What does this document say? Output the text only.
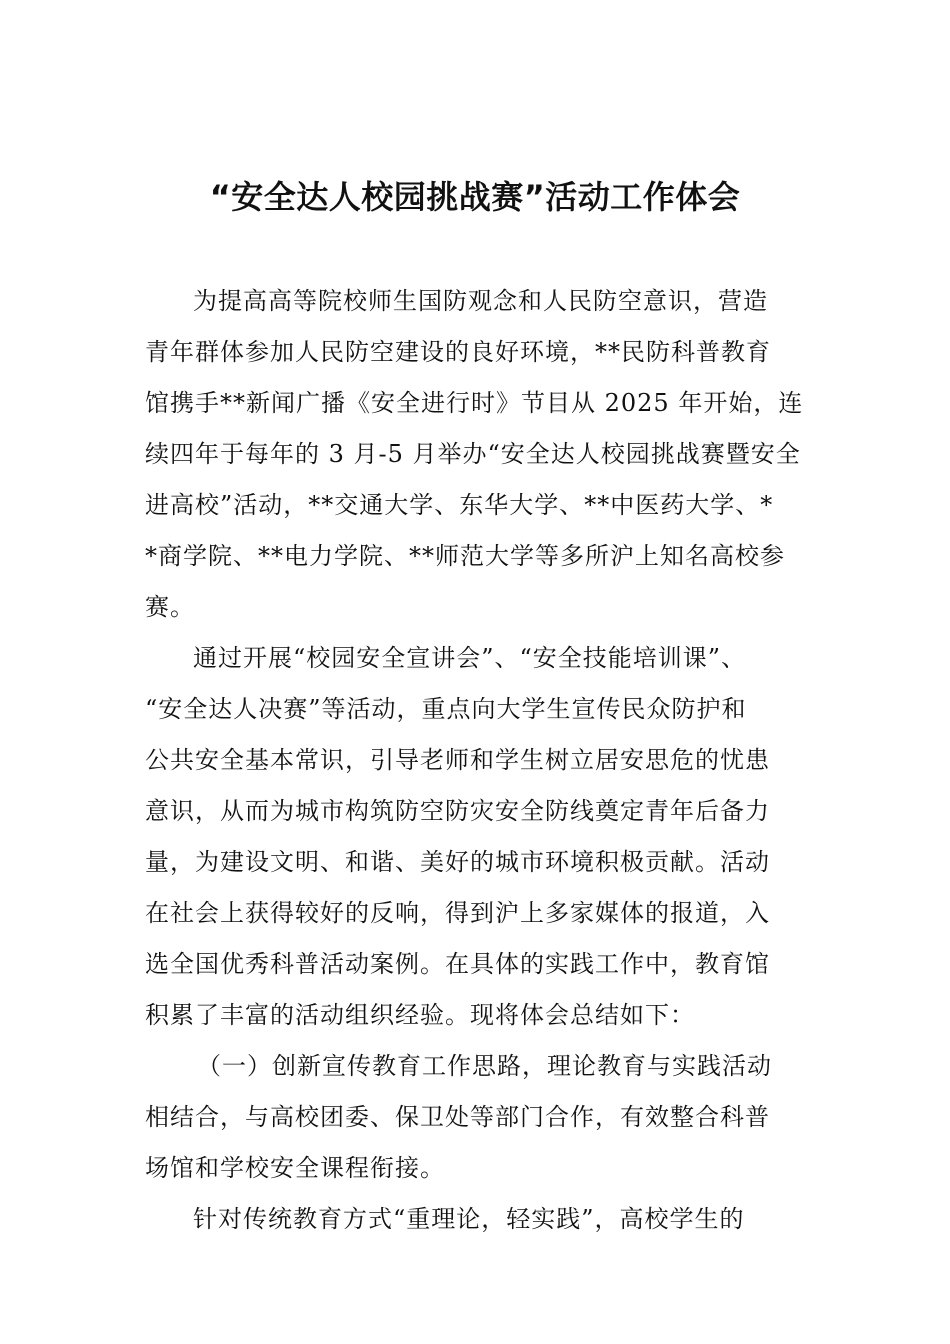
“安全达人校园挑战赛”活动工作体会
为提高高等院校师生国防观念和人民防空意识，营造
青年群体参加人民防空建设的良好环境，**民防科普教育
馆携手**新闻广播《安全进行时》节目从 2025 年开始，连
续四年于每年的 3 月-5 月举办“安全达人校园挑战赛暨安全
进高校”活动，**交通大学、东华大学、**中医药大学、*
*商学院、**电力学院、**师范大学等多所沪上知名高校参
赛。
通过开展“校园安全宣讲会”、“安全技能培训课”、
“安全达人决赛”等活动，重点向大学生宣传民众防护和
公共安全基本常识，引导老师和学生树立居安思危的忧患
意识，从而为城市构筑防空防灾安全防线奠定青年后备力
量，为建设文明、和谐、美好的城市环境积极贡献。活动
在社会上获得较好的反响，得到沪上多家媒体的报道，入
选全国优秀科普活动案例。在具体的实践工作中，教育馆
积累了丰富的活动组织经验。现将体会总结如下：
（一）创新宣传教育工作思路，理论教育与实践活动
相结合，与高校团委、保卫处等部门合作，有效整合科普
场馆和学校安全课程衔接。
针对传统教育方式“重理论，轻实践”，高校学生的
